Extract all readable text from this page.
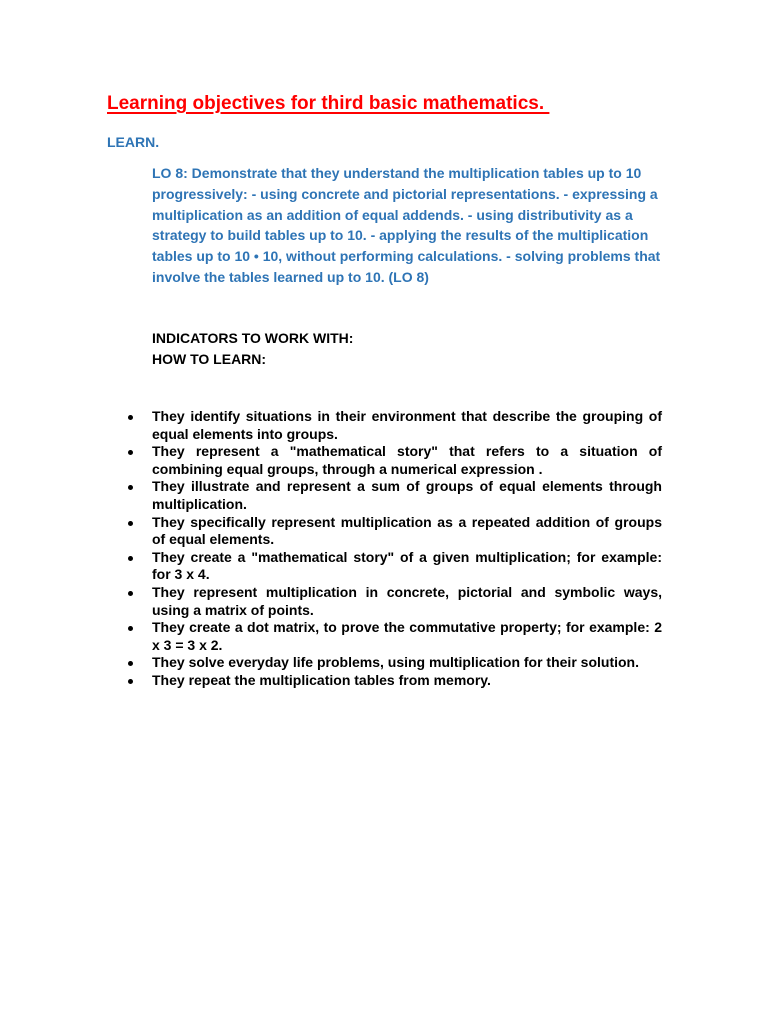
Learning objectives for third basic mathematics.
LEARN.

LO 8: Demonstrate that they understand the multiplication tables up to 10 progressively: - using concrete and pictorial representations. - expressing a multiplication as an addition of equal addends. - using distributivity as a strategy to build tables up to 10. - applying the results of the multiplication tables up to 10 • 10, without performing calculations. - solving problems that involve the tables learned up to 10. (LO 8)

INDICATORS TO WORK WITH:
HOW TO LEARN:
They identify situations in their environment that describe the grouping of equal elements into groups.
They represent a "mathematical story" that refers to a situation of combining equal groups, through a numerical expression .
They illustrate and represent a sum of groups of equal elements through multiplication.
They specifically represent multiplication as a repeated addition of groups of equal elements.
They create a "mathematical story" of a given multiplication; for example: for 3 x 4.
They represent multiplication in concrete, pictorial and symbolic ways, using a matrix of points.
They create a dot matrix, to prove the commutative property; for example: 2 x 3 = 3 x 2.
They solve everyday life problems, using multiplication for their solution.
They repeat the multiplication tables from memory.
